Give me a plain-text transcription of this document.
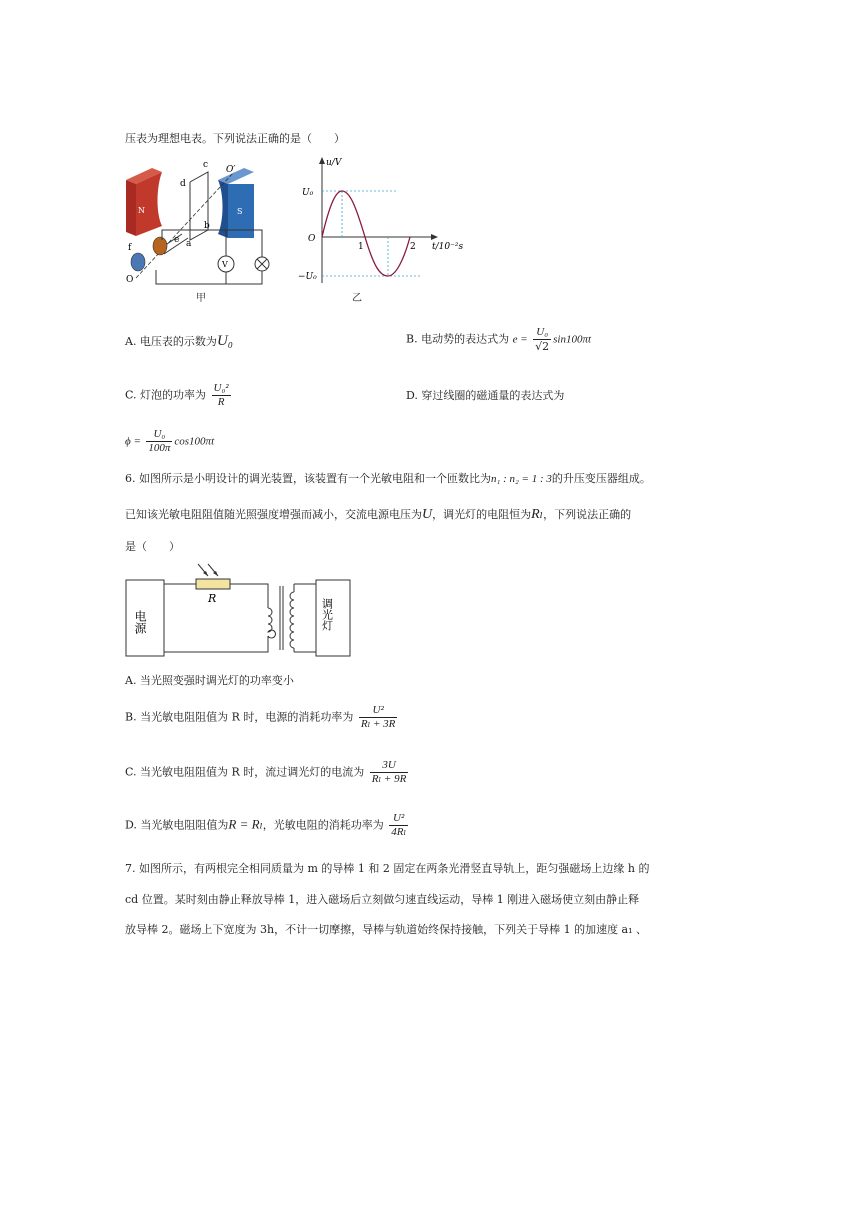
压表为理想电表。下列说法正确的是（　　）
N	S
V
c
d
O′
b
a
e
f
O
甲
u/V
U₀
O
−U₀
1	2 t/10⁻²s
乙
A. 电压表的示数为U₀	B. 电动势的表达式为 $e = \frac{\text{U₀}}{√2} \sin 100\pi t$
C. 灯泡的功率为 $\frac{\text{U₀²}}{R}$	D. 穿过线圈的磁通量的表达式为
$\phi = \frac{\text{U₀}}{100\pi} \cos 100\pi t$
6. 如图所示是小明设计的调光装置，该装置有一个光敏电阻和一个匝数比为n₁ : n₂ = 1 : 3的升压变压器组成。
已知该光敏电阻阻值随光照强度增强而减小，交流电源电压为U，调光灯的电阻恒为Rₗ，下列说法正确的
是（　　）
电源
R	调光灯
A. 当光照变强时调光灯的功率变小
B. 当光敏电阻阻值为 R 时，电源的消耗功率为 $\frac{\text{U²}}{\text{Rₗ + 3R}}$
C. 当光敏电阻阻值为 R 时，流过调光灯的电流为 $\frac{3U}{\text{Rₗ + 9R}}$
D. 当光敏电阻阻值为R = Rₗ，光敏电阻的消耗功率为 $\frac{\text{U²}}{\text{4Rₗ}}$
7. 如图所示，有两根完全相同质量为 m 的导棒 1 和 2 固定在两条光滑竖直导轨上，距匀强磁场上边缘 h 的
cd 位置。某时刻由静止释放导棒 1，进入磁场后立刻做匀速直线运动，导棒 1 刚进入磁场使立刻由静止释
放导棒 2。磁场上下宽度为 3h，不计一切摩擦，导棒与轨道始终保持接触，下列关于导棒 1 的加速度 a₁ 、
